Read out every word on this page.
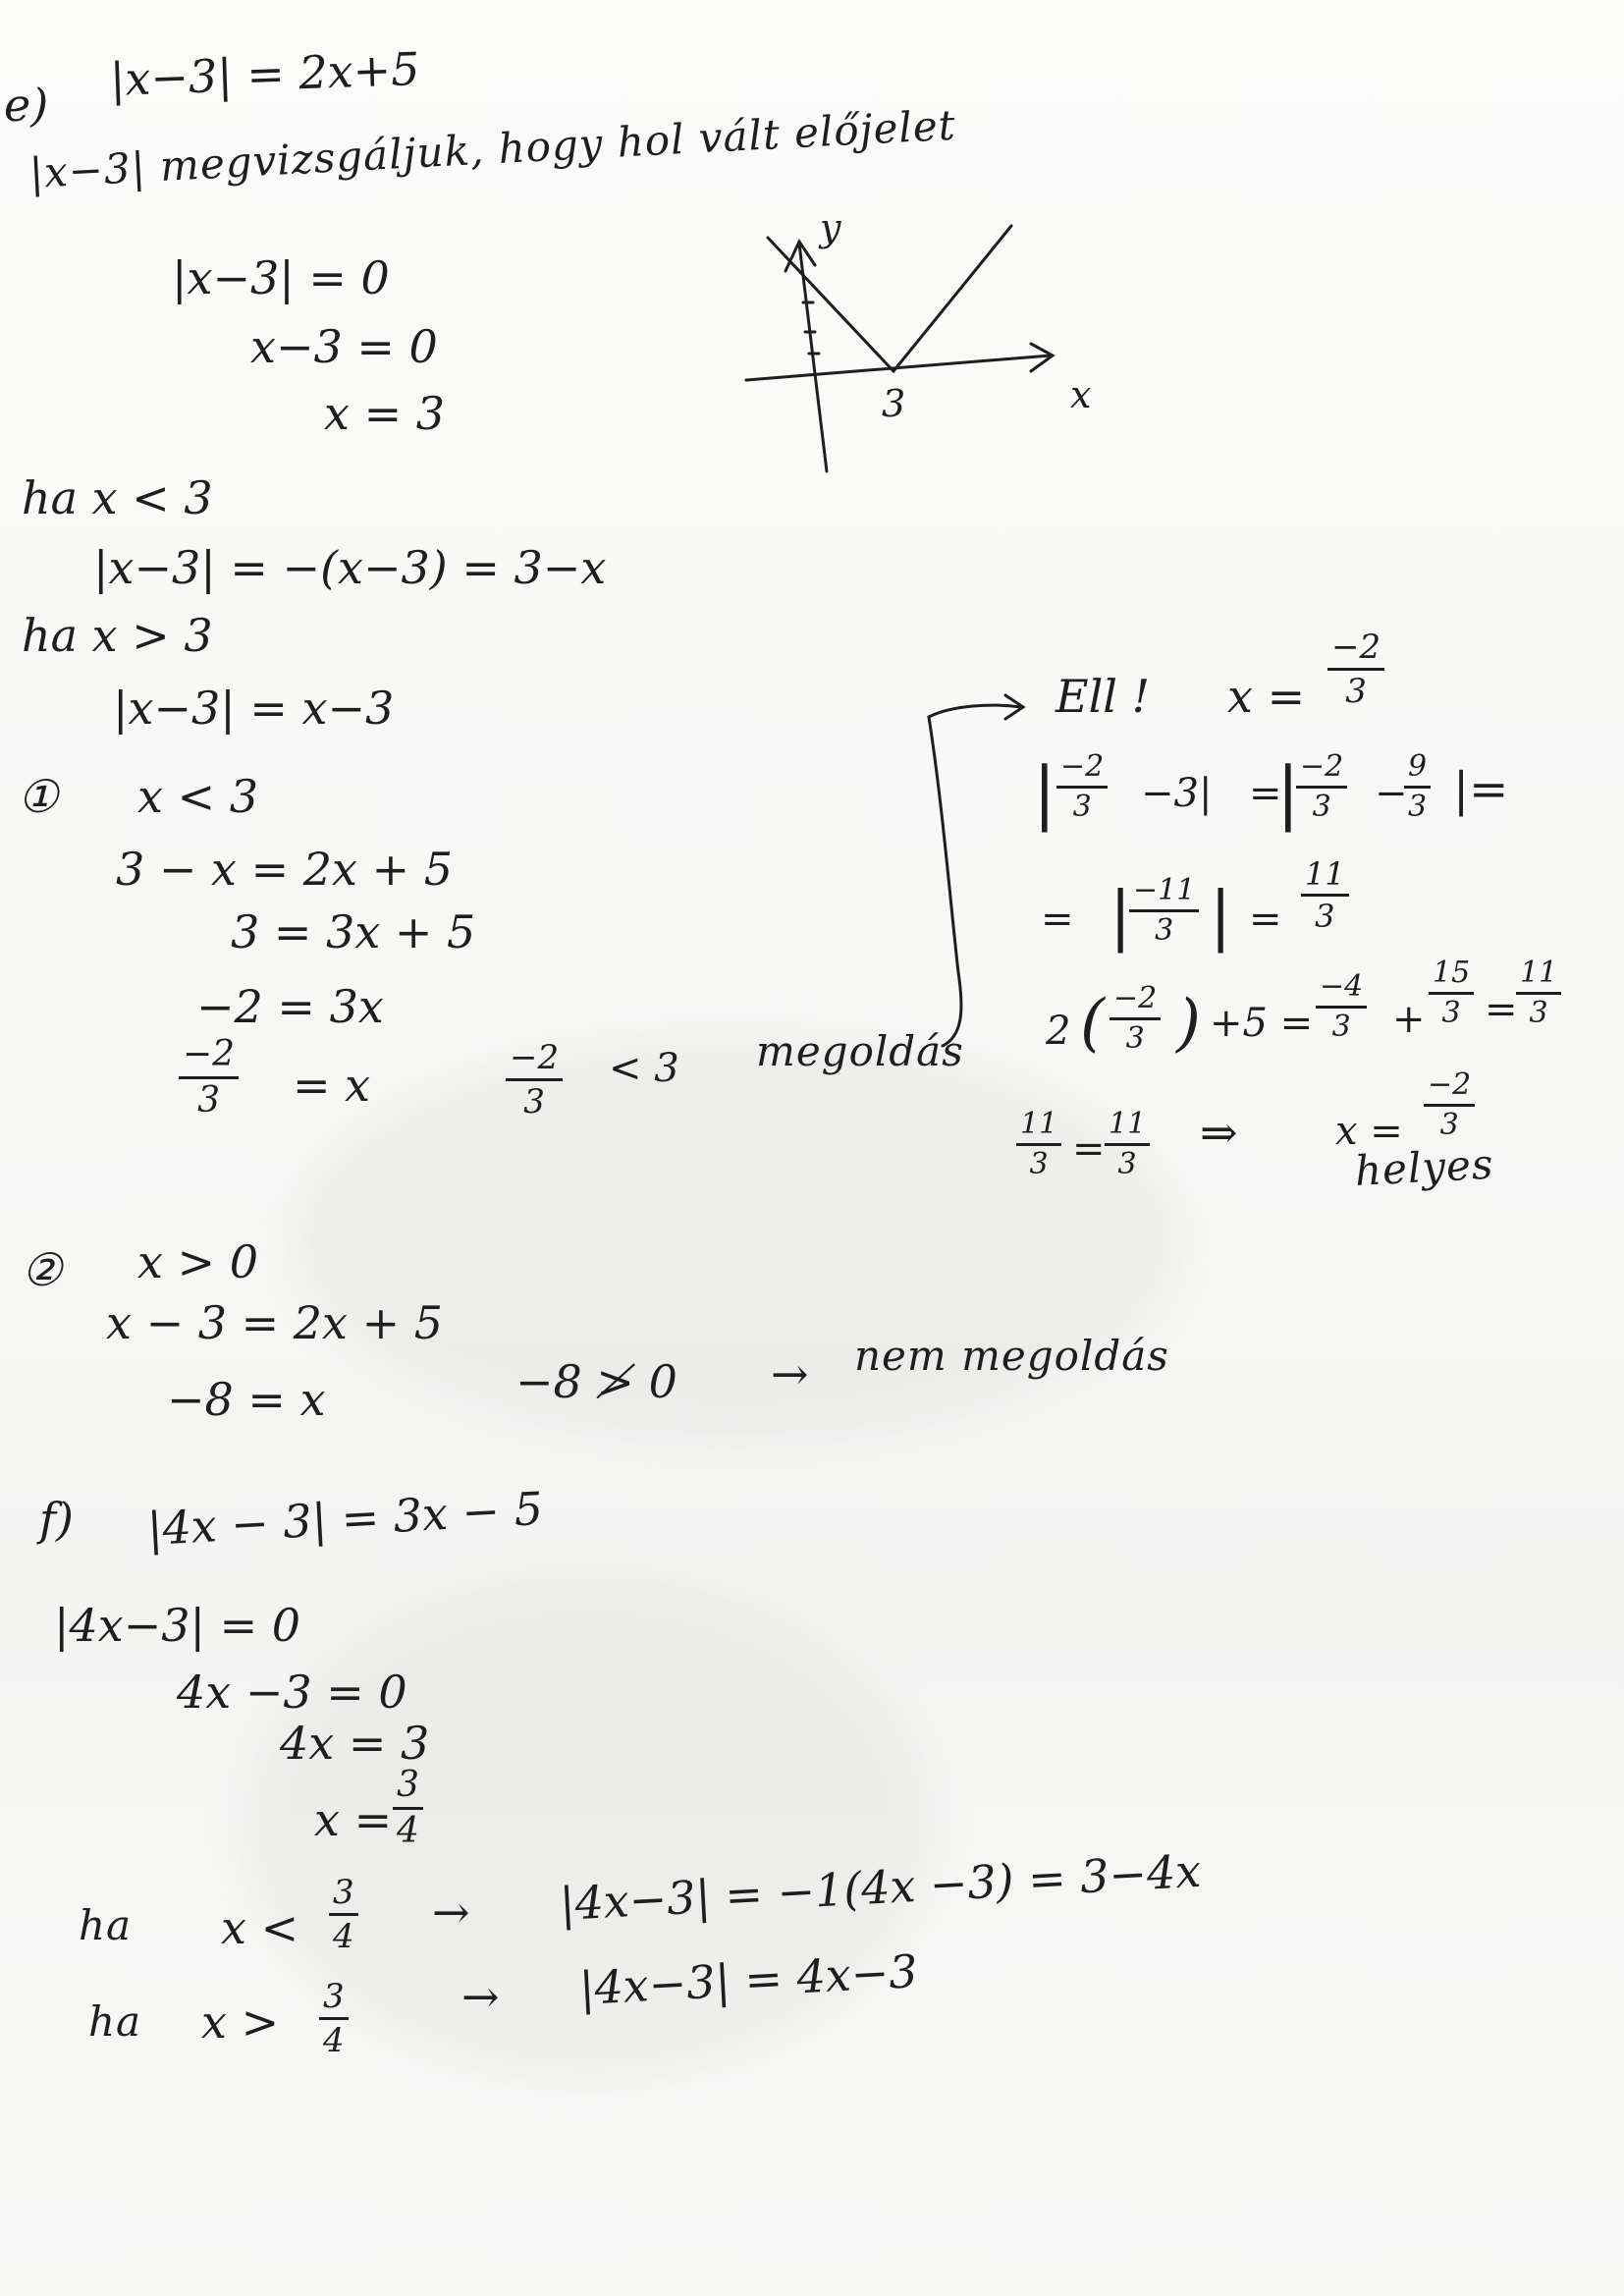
e) |x−3| = 2x+5
|x−3| megvizsgáljuk, hogy hol vált előjelet
|x−3| = 0
x−3 = 0
x = 3
y
x
3
ha x < 3
|x−3| = −(x−3) = 3−x
ha x > 3
|x−3| = x−3
① x < 3
3 − x = 2x + 5
3 = 3x + 5
−2 = 3x
$\frac{-2}{3} = x$	$\frac{-2}{3} < 3$ megoldás
Ell ! $x = \frac{-2}{3}$
| $\frac{-2}{3} -3|$ =
|
$\frac{-2}{3}$ −
$\frac{9}{3}$ |=
= |
$\frac{-11}{3}$ | = $\frac{11}{3}$
2 ( $\frac{-2}{3}$ ) $+5 = \frac{-4}{3} + \frac{15}{3}$ =
$\frac{11}{3}$
$\frac{11}{3} = \frac{11}{3}$ ⇒ $x = \frac{-2}{3}$
helyes
② x > 0
x − 3 = 2x + 5
−8 = x	−8 ≯ 0 → nem megoldás
f) |4x − 3| = 3x − 5
|4x−3| = 0
4x −3 = 0
4x = 3
$x = \frac{3}{4}$
ha $x < \frac{3}{4} \to |4x-3| = -1(4x -3) = 3-4x$
ha $x > \frac{3}{4}$	→ |4x−3| = 4x−3
